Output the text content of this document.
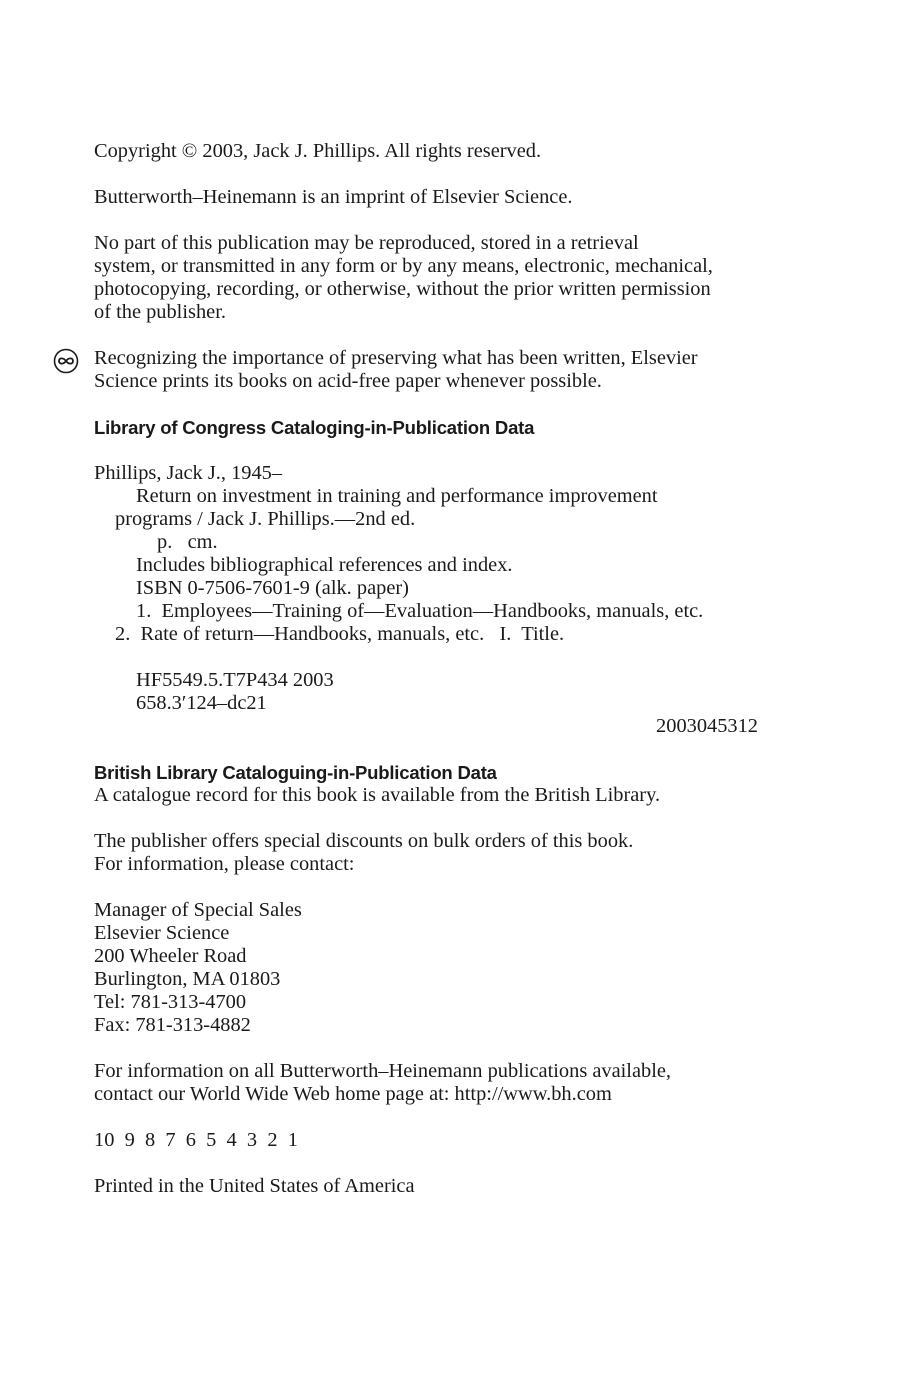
Copyright © 2003, Jack J. Phillips. All rights reserved.

Butterworth–Heinemann is an imprint of Elsevier Science.

No part of this publication may be reproduced, stored in a retrieval
system, or transmitted in any form or by any means, electronic, mechanical,
photocopying, recording, or otherwise, without the prior written permission
of the publisher.

Recognizing the importance of preserving what has been written, Elsevier
Science prints its books on acid-free paper whenever possible.

Library of Congress Cataloging-in-Publication Data

Phillips, Jack J., 1945–
Return on investment in training and performance improvement
programs / Jack J. Phillips.—2nd ed.
p.   cm.
Includes bibliographical references and index.
ISBN 0-7506-7601-9 (alk. paper)
1.  Employees—Training of—Evaluation—Handbooks, manuals, etc.
2.  Rate of return—Handbooks, manuals, etc.   I.  Title.
HF5549.5.T7P434 2003
658.3′124–dc21
2003045312
British Library Cataloguing-in-Publication Data
A catalogue record for this book is available from the British Library.

The publisher offers special discounts on bulk orders of this book.
For information, please contact:

Manager of Special Sales
Elsevier Science
200 Wheeler Road
Burlington, MA 01803
Tel: 781-313-4700
Fax: 781-313-4882

For information on all Butterworth–Heinemann publications available,
contact our World Wide Web home page at: http://www.bh.com

10  9  8  7  6  5  4  3  2  1

Printed in the United States of America
